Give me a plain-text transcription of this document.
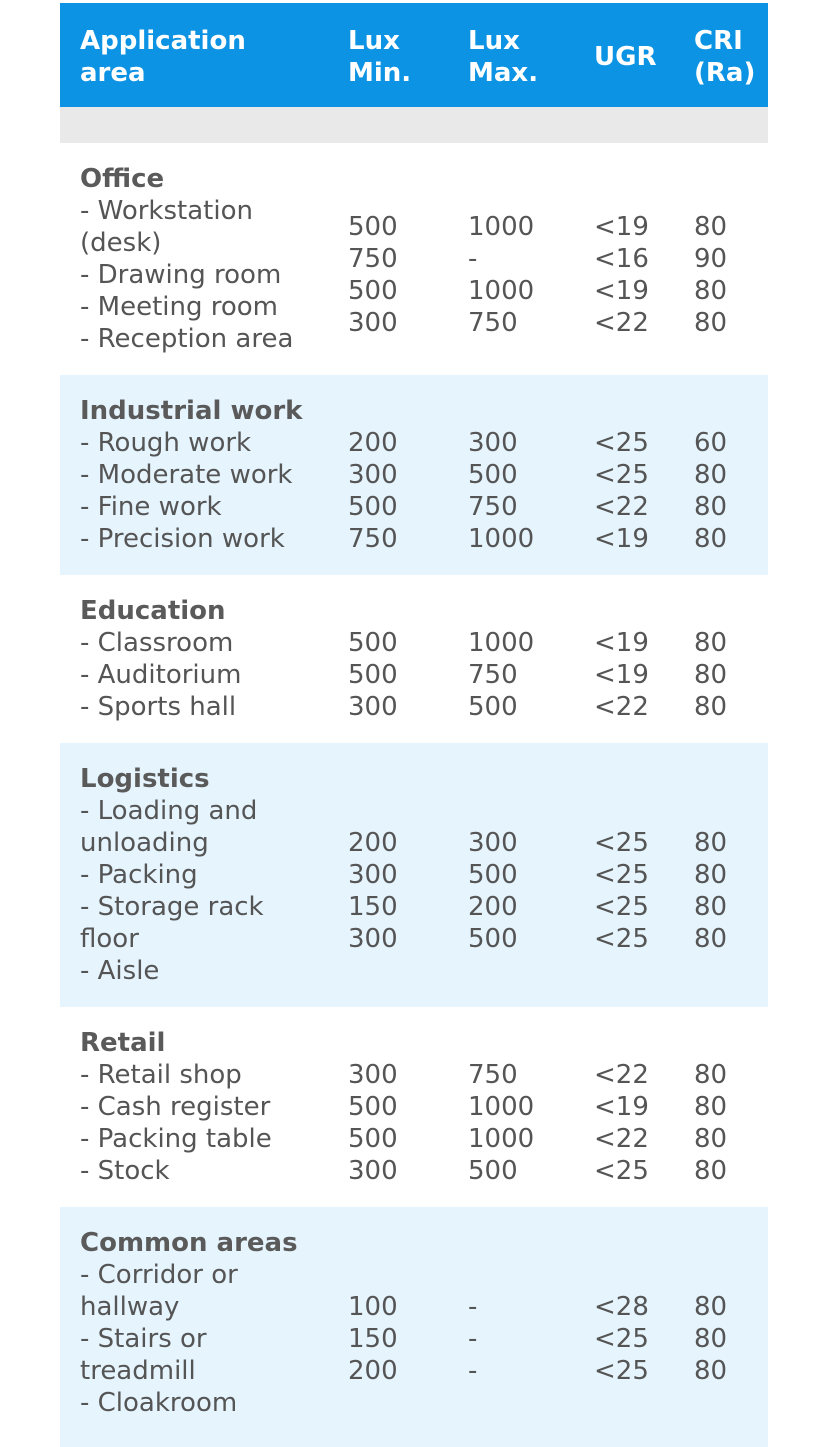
Application
area
Lux
Min.
Lux
Max.
UGR
CRI
(Ra)
Office
- Workstation
(desk)
- Drawing room
- Meeting room
- Reception area
500
750
500
300
1000
-
1000
750
<19
<16
<19
<22
80
90
80
80
Industrial work
- Rough work
- Moderate work
- Fine work
- Precision work
200
300
500
750
300
500
750
1000
<25
<25
<22
<19
60
80
80
80
Education
- Classroom
- Auditorium
- Sports hall
500
500
300
1000
750
500
<19
<19
<22
80
80
80
Logistics
- Loading and
unloading
- Packing
- Storage rack
floor
- Aisle
200
300
150
300
300
500
200
500
<25
<25
<25
<25
80
80
80
80
Retail
- Retail shop
- Cash register
- Packing table
- Stock
300
500
500
300
750
1000
1000
500
<22
<19
<22
<25
80
80
80
80
Common areas
- Corridor or
hallway
- Stairs or
treadmill
- Cloakroom
100
150
200
-
-
-
<28
<25
<25
80
80
80
